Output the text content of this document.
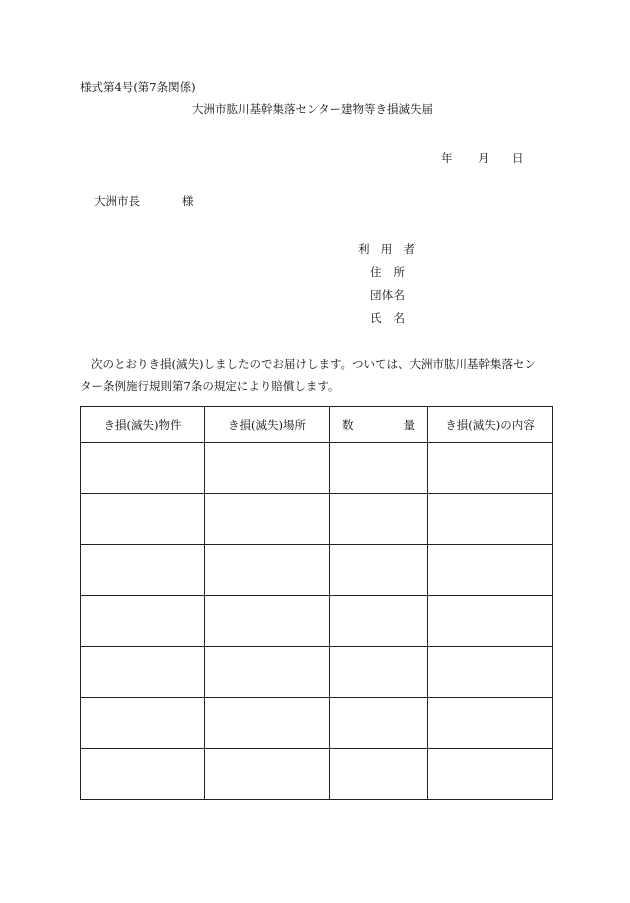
様式第4号(第7条関係)
大洲市肱川基幹集落センター建物等き損滅失届
年 月 日
大洲市長	様
利用者
住所
団体名
氏名
次のとおりき損(滅失)しましたのでお届けします。ついては、大洲市肱川基幹集落セン
ター条例施行規則第7条の規定により賠償します。
き損(滅失)物件	き損(滅失)場所	数 量	き損(滅失)の内容
